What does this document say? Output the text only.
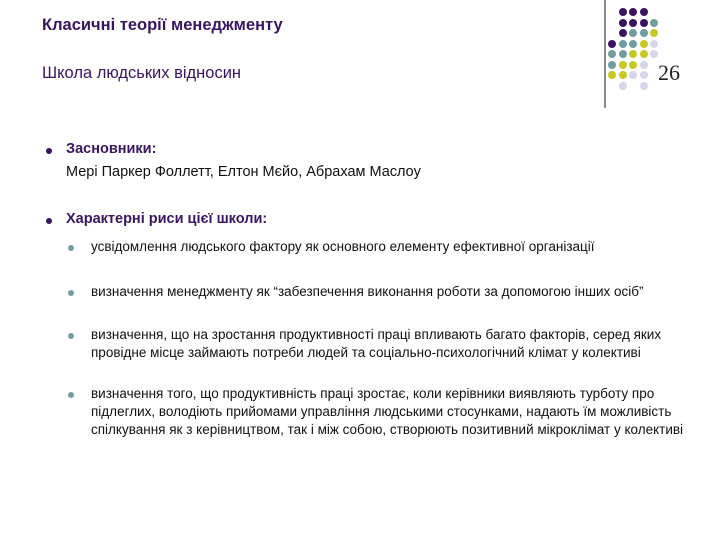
Класичні теорії менеджменту
Школа людських відносин	26
Засновники:
Мері Паркер Фоллетт, Елтон Мєйо, Абрахам Маслоу
Характерні риси цієї школи:
усвідомлення людського фактору як основного елементу ефективної організації
визначення менеджменту як “забезпечення виконання роботи за допомогою інших осіб”
визначення, що на зростання продуктивності праці впливають багато факторів, серед яких провідне місце займають потреби людей та соціально-психологічний клімат у колективі
визначення того, що продуктивність праці зростає, коли керівники виявляють турботу про підлеглих, володіють прийомами управління людськими стосунками, надають їм можливість спілкування як з керівництвом, так і між собою, створюють позитивний мікроклімат у колективі
